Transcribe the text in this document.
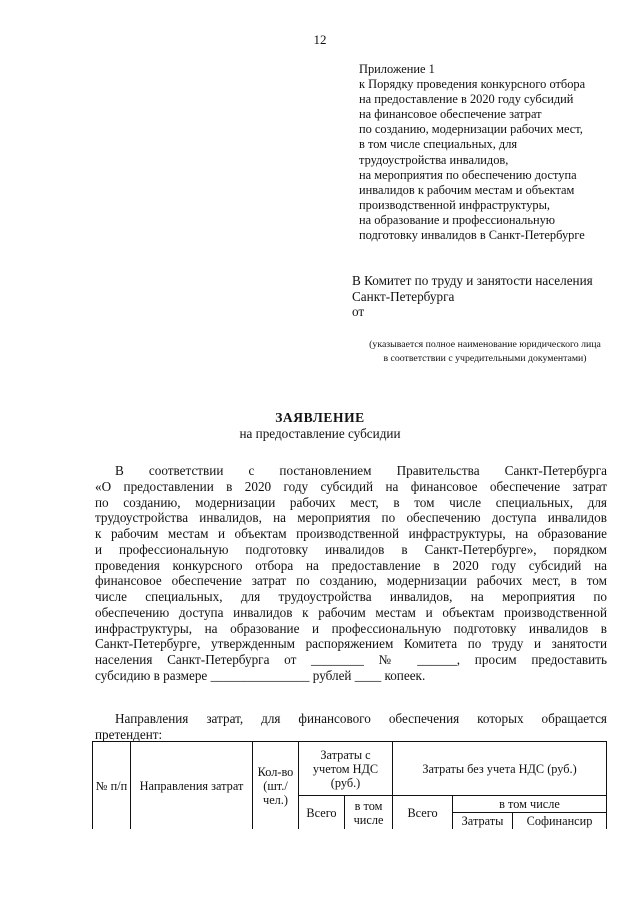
12
Приложение 1
к Порядку проведения конкурсного отбора
на предоставление в 2020 году субсидий
на финансовое обеспечение затрат
по созданию, модернизации рабочих мест,
в том числе специальных, для
трудоустройства инвалидов,
на мероприятия по обеспечению доступа
инвалидов к рабочим местам и объектам
производственной инфраструктуры,
на образование и профессиональную
подготовку инвалидов в Санкт-Петербурге
В Комитет по труду и занятости населения
Санкт-Петербурга
от
(указывается полное наименование юридического лица
в соответствии с учредительными документами)
ЗАЯВЛЕНИЕ
на предоставление субсидии
В соответствии с постановлением Правительства Санкт-Петербурга
«О предоставлении в 2020 году субсидий на финансовое обеспечение затрат
по созданию, модернизации рабочих мест, в том числе специальных, для
трудоустройства инвалидов, на мероприятия по обеспечению доступа инвалидов
к рабочим местам и объектам производственной инфраструктуры, на образование
и профессиональную подготовку инвалидов в Санкт-Петербурге», порядком
проведения конкурсного отбора на предоставление в 2020 году субсидий на
финансовое обеспечение затрат по созданию, модернизации рабочих мест, в том
числе специальных, для трудоустройства инвалидов, на мероприятия по
обеспечению доступа инвалидов к рабочим местам и объектам производственной
инфраструктуры, на образование и профессиональную подготовку инвалидов в
Санкт-Петербурге, утвержденным распоряжением Комитета по труду и занятости
населения Санкт-Петербурга от ________ № ______, просим предоставить
субсидию в размере _______________ рублей ____ копеек.
Направления затрат, для финансового обеспечения которых обращается
претендент:
№ п/п	Направления затрат	Кол-во (шт./чел.)	Затраты с учетом НДС (руб.)		Затраты без учета НДС (руб.)		
			Всего	в том числе	Всего	в том числе	
						Затраты	Софинансир
